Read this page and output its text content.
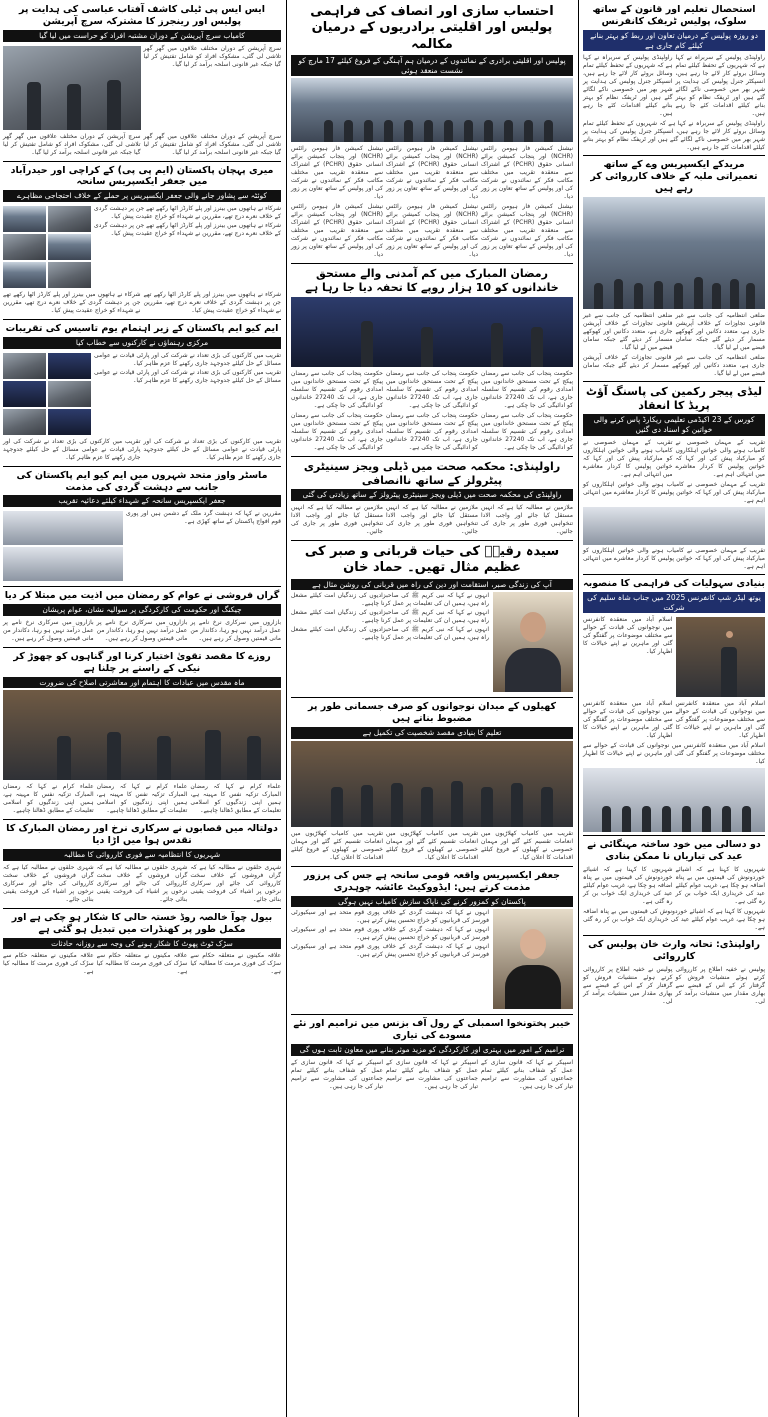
استحصال تعلیم اور قانون کے ساتھ سلوک، پولیس ٹریفک کانفرنس
دو روزہ پولیس کے درمیان تعاون اور ربط کو بہتر بنانے کیلئے کام جاری ہے
راولپنڈی پولیس کے سربراہ نے کہا ہے کہ شہریوں کے تحفظ کیلئے تمام وسائل بروئے کار لائے جا رہے ہیں، انسپکٹر جنرل پولیس کی ہدایت پر شہر بھر میں خصوصی ناکے لگائے گئے ہیں اور ٹریفک نظام کو بہتر بنانے کیلئے اقدامات کئے جا رہے ہیں۔
راولپنڈی پولیس کے سربراہ نے کہا ہے کہ شہریوں کے تحفظ کیلئے تمام وسائل بروئے کار لائے جا رہے ہیں، انسپکٹر جنرل پولیس کی ہدایت پر شہر بھر میں خصوصی ناکے لگائے گئے ہیں اور ٹریفک نظام کو بہتر بنانے کیلئے اقدامات کئے جا رہے ہیں۔
راولپنڈی پولیس کے سربراہ نے کہا ہے کہ شہریوں کے تحفظ کیلئے تمام وسائل بروئے کار لائے جا رہے ہیں، انسپکٹر جنرل پولیس کی ہدایت پر شہر بھر میں خصوصی ناکے لگائے گئے ہیں اور ٹریفک نظام کو بہتر بنانے کیلئے اقدامات کئے جا رہے ہیں۔
مریدکے ایکسپریس وے کے ساتھ تعمیراتی ملبہ کے خلاف کارروائی کر رہے ہیں
ضلعی انتظامیہ کی جانب سے غیر قانونی تجاوزات کے خلاف آپریشن جاری ہے، متعدد دکانیں اور کھوکھے مسمار کر دیئے گئے جبکہ سامان قبضے میں لے لیا گیا۔
ضلعی انتظامیہ کی جانب سے غیر قانونی تجاوزات کے خلاف آپریشن جاری ہے، متعدد دکانیں اور کھوکھے مسمار کر دیئے گئے جبکہ سامان قبضے میں لے لیا گیا۔
ضلعی انتظامیہ کی جانب سے غیر قانونی تجاوزات کے خلاف آپریشن جاری ہے، متعدد دکانیں اور کھوکھے مسمار کر دیئے گئے جبکہ سامان قبضے میں لے لیا گیا۔
لیڈی پیجر رکمین کی پاسنگ آؤٹ پریڈ کا انعقاد
کورس کے 23 اکیڈمی تعلیمی ریکارڈ پاس کرنے والی خواتین کو اسناد دی گئیں
تقریب کے مہمان خصوصی نے کامیاب ہونے والی خواتین اہلکاروں کو مبارکباد پیش کی اور کہا کہ خواتین پولیس کا کردار معاشرے میں انتہائی اہم ہے۔
تقریب کے مہمان خصوصی نے کامیاب ہونے والی خواتین اہلکاروں کو مبارکباد پیش کی اور کہا کہ خواتین پولیس کا کردار معاشرے میں انتہائی اہم ہے۔
تقریب کے مہمان خصوصی نے کامیاب ہونے والی خواتین اہلکاروں کو مبارکباد پیش کی اور کہا کہ خواتین پولیس کا کردار معاشرے میں انتہائی اہم ہے۔
تقریب کے مہمان خصوصی نے کامیاب ہونے والی خواتین اہلکاروں کو مبارکباد پیش کی اور کہا کہ خواتین پولیس کا کردار معاشرے میں انتہائی اہم ہے۔
بنیادی سہولیات کی فراہمی کا منصوبہ
یوتھ لیڈر شپ کانفرنس 2025 میں جناب شاہ سلیم کی شرکت
اسلام آباد میں منعقدہ کانفرنس میں نوجوانوں کی قیادت کے حوالے سے مختلف موضوعات پر گفتگو کی گئی اور ماہرین نے اپنے خیالات کا اظہار کیا۔
اسلام آباد میں منعقدہ کانفرنس میں نوجوانوں کی قیادت کے حوالے سے مختلف موضوعات پر گفتگو کی گئی اور ماہرین نے اپنے خیالات کا اظہار کیا۔
اسلام آباد میں منعقدہ کانفرنس میں نوجوانوں کی قیادت کے حوالے سے مختلف موضوعات پر گفتگو کی گئی اور ماہرین نے اپنے خیالات کا اظہار کیا۔
اسلام آباد میں منعقدہ کانفرنس میں نوجوانوں کی قیادت کے حوالے سے مختلف موضوعات پر گفتگو کی گئی اور ماہرین نے اپنے خیالات کا اظہار کیا۔
دو دسالی میں خود ساختہ مہنگائی نے عید کی تیاریاں نا ممکن بنادی
شہریوں کا کہنا ہے کہ اشیائے خوردونوش کی قیمتوں میں بے پناہ اضافہ ہو چکا ہے، غریب عوام کیلئے عید کی خریداری ایک خواب بن کر رہ گئی ہے۔
شہریوں کا کہنا ہے کہ اشیائے خوردونوش کی قیمتوں میں بے پناہ اضافہ ہو چکا ہے، غریب عوام کیلئے عید کی خریداری ایک خواب بن کر رہ گئی ہے۔
شہریوں کا کہنا ہے کہ اشیائے خوردونوش کی قیمتوں میں بے پناہ اضافہ ہو چکا ہے، غریب عوام کیلئے عید کی خریداری ایک خواب بن کر رہ گئی ہے۔
راولپنڈی: تحانہ وارث خان پولیس کی کارروائی
پولیس نے خفیہ اطلاع پر کارروائی کرتے ہوئے منشیات فروش کو گرفتار کر کے اس کے قبضے سے بھاری مقدار میں منشیات برآمد کر لی۔
پولیس نے خفیہ اطلاع پر کارروائی کرتے ہوئے منشیات فروش کو گرفتار کر کے اس کے قبضے سے بھاری مقدار میں منشیات برآمد کر لی۔
احتساب سازی اور انصاف کی فراہمی پولیس اور اقلیتی برادریوں کے درمیان مکالمہ
پولیس اور اقلیتی برادری کے نمائندوں کے درمیان ہم آہنگی کے فروغ کیلئے 17 مارچ کو نشست منعقد ہوئی
نیشنل کمیشن فار ہیومن رائٹس (NCHR) اور پنجاب کمیشن برائے انسانی حقوق (PCHR) کے اشتراک سے منعقدہ تقریب میں مختلف مکاتب فکر کے نمائندوں نے شرکت کی اور پولیس کے ساتھ تعاون پر زور دیا۔
نیشنل کمیشن فار ہیومن رائٹس (NCHR) اور پنجاب کمیشن برائے انسانی حقوق (PCHR) کے اشتراک سے منعقدہ تقریب میں مختلف مکاتب فکر کے نمائندوں نے شرکت کی اور پولیس کے ساتھ تعاون پر زور دیا۔
نیشنل کمیشن فار ہیومن رائٹس (NCHR) اور پنجاب کمیشن برائے انسانی حقوق (PCHR) کے اشتراک سے منعقدہ تقریب میں مختلف مکاتب فکر کے نمائندوں نے شرکت کی اور پولیس کے ساتھ تعاون پر زور دیا۔
نیشنل کمیشن فار ہیومن رائٹس (NCHR) اور پنجاب کمیشن برائے انسانی حقوق (PCHR) کے اشتراک سے منعقدہ تقریب میں مختلف مکاتب فکر کے نمائندوں نے شرکت کی اور پولیس کے ساتھ تعاون پر زور دیا۔
نیشنل کمیشن فار ہیومن رائٹس (NCHR) اور پنجاب کمیشن برائے انسانی حقوق (PCHR) کے اشتراک سے منعقدہ تقریب میں مختلف مکاتب فکر کے نمائندوں نے شرکت کی اور پولیس کے ساتھ تعاون پر زور دیا۔
نیشنل کمیشن فار ہیومن رائٹس (NCHR) اور پنجاب کمیشن برائے انسانی حقوق (PCHR) کے اشتراک سے منعقدہ تقریب میں مختلف مکاتب فکر کے نمائندوں نے شرکت کی اور پولیس کے ساتھ تعاون پر زور دیا۔
رمضان المبارک میں کم آمدنی والے مستحق خاندانوں کو 10 ہزار روپے کا تحفہ دیا جا رہا ہے
حکومت پنجاب کی جانب سے رمضان پیکج کے تحت مستحق خاندانوں میں امدادی رقوم کی تقسیم کا سلسلہ جاری ہے، اب تک 27240 خاندانوں کو ادائیگی کی جا چکی ہے۔
حکومت پنجاب کی جانب سے رمضان پیکج کے تحت مستحق خاندانوں میں امدادی رقوم کی تقسیم کا سلسلہ جاری ہے، اب تک 27240 خاندانوں کو ادائیگی کی جا چکی ہے۔
حکومت پنجاب کی جانب سے رمضان پیکج کے تحت مستحق خاندانوں میں امدادی رقوم کی تقسیم کا سلسلہ جاری ہے، اب تک 27240 خاندانوں کو ادائیگی کی جا چکی ہے۔
حکومت پنجاب کی جانب سے رمضان پیکج کے تحت مستحق خاندانوں میں امدادی رقوم کی تقسیم کا سلسلہ جاری ہے، اب تک 27240 خاندانوں کو ادائیگی کی جا چکی ہے۔
حکومت پنجاب کی جانب سے رمضان پیکج کے تحت مستحق خاندانوں میں امدادی رقوم کی تقسیم کا سلسلہ جاری ہے، اب تک 27240 خاندانوں کو ادائیگی کی جا چکی ہے۔
حکومت پنجاب کی جانب سے رمضان پیکج کے تحت مستحق خاندانوں میں امدادی رقوم کی تقسیم کا سلسلہ جاری ہے، اب تک 27240 خاندانوں کو ادائیگی کی جا چکی ہے۔
راولپنڈی: محکمہ صحت میں ڈیلی ویجز سینیٹری پیٹرولز کے ساتھ ناانصافی
راولپنڈی کی محکمہ صحت میں ڈیلی ویجز سینیٹری پیٹرولز کے ساتھ زیادتی کی گئی
ملازمین نے مطالبہ کیا ہے کہ انہیں مستقل کیا جائے اور واجب الادا تنخواہیں فوری طور پر جاری کی جائیں۔
ملازمین نے مطالبہ کیا ہے کہ انہیں مستقل کیا جائے اور واجب الادا تنخواہیں فوری طور پر جاری کی جائیں۔
ملازمین نے مطالبہ کیا ہے کہ انہیں مستقل کیا جائے اور واجب الادا تنخواہیں فوری طور پر جاری کی جائیں۔
سیدہ رقیہؓ کی حیات قربانی و صبر کی عظیم مثال تھیں۔ حماد خان
آپ کی زندگی صبر، استقامت اور دین کی راہ میں قربانی کی روشن مثال ہے
انہوں نے کہا کہ نبی کریم ﷺ کی صاحبزادیوں کی زندگیاں امت کیلئے مشعل راہ ہیں، ہمیں ان کی تعلیمات پر عمل کرنا چاہیے۔
انہوں نے کہا کہ نبی کریم ﷺ کی صاحبزادیوں کی زندگیاں امت کیلئے مشعل راہ ہیں، ہمیں ان کی تعلیمات پر عمل کرنا چاہیے۔
انہوں نے کہا کہ نبی کریم ﷺ کی صاحبزادیوں کی زندگیاں امت کیلئے مشعل راہ ہیں، ہمیں ان کی تعلیمات پر عمل کرنا چاہیے۔
کھیلوں کے میدان نوجوانوں کو صرف جسمانی طور پر مضبوط بناتے ہیں
تعلیم کا بنیادی مقصد شخصیت کی تکمیل ہے
تقریب میں کامیاب کھلاڑیوں میں انعامات تقسیم کئے گئے اور مہمان خصوصی نے کھیلوں کے فروغ کیلئے اقدامات کا اعلان کیا۔
تقریب میں کامیاب کھلاڑیوں میں انعامات تقسیم کئے گئے اور مہمان خصوصی نے کھیلوں کے فروغ کیلئے اقدامات کا اعلان کیا۔
تقریب میں کامیاب کھلاڑیوں میں انعامات تقسیم کئے گئے اور مہمان خصوصی نے کھیلوں کے فروغ کیلئے اقدامات کا اعلان کیا۔
جعفر ایکسپریس واقعہ قومی سانحہ ہے جس کی پرزور مذمت کرتے ہیں: ایڈووکیٹ عائشہ چوہدری
پاکستان کو کمزور کرنے کی ناپاک سازش کامیاب نہیں ہوگی
انہوں نے کہا کہ دہشت گردی کے خلاف پوری قوم متحد ہے اور سیکیورٹی فورسز کی قربانیوں کو خراج تحسین پیش کرتے ہیں۔
انہوں نے کہا کہ دہشت گردی کے خلاف پوری قوم متحد ہے اور سیکیورٹی فورسز کی قربانیوں کو خراج تحسین پیش کرتے ہیں۔
انہوں نے کہا کہ دہشت گردی کے خلاف پوری قوم متحد ہے اور سیکیورٹی فورسز کی قربانیوں کو خراج تحسین پیش کرتے ہیں۔
خیبر پختونخوا اسمبلی کے رول آف بزنس میں ترامیم اور نئے مسودے کی تیاری
ترامیم کے امور میں بہتری اور کارکردگی کو مزید موثر بنانے میں معاون ثابت ہوں گی
اسپیکر نے کہا کہ قانون سازی کے عمل کو شفاف بنانے کیلئے تمام جماعتوں کی مشاورت سے ترامیم تیار کی جا رہی ہیں۔
اسپیکر نے کہا کہ قانون سازی کے عمل کو شفاف بنانے کیلئے تمام جماعتوں کی مشاورت سے ترامیم تیار کی جا رہی ہیں۔
اسپیکر نے کہا کہ قانون سازی کے عمل کو شفاف بنانے کیلئے تمام جماعتوں کی مشاورت سے ترامیم تیار کی جا رہی ہیں۔
ایس ایس پی ٹیلی کاشف آفتاب عباسی کی ہدایت پر پولیس اور رینجرز کا مشترکہ سرچ آپریشن
کامیاب سرچ آپریشن کے دوران مشتبہ افراد کو حراست میں لیا گیا
سرچ آپریشن کے دوران مختلف علاقوں میں گھر گھر تلاشی لی گئی، مشکوک افراد کو شامل تفتیش کر لیا گیا جبکہ غیر قانونی اسلحہ برآمد کر لیا گیا۔
سرچ آپریشن کے دوران مختلف علاقوں میں گھر گھر تلاشی لی گئی، مشکوک افراد کو شامل تفتیش کر لیا گیا جبکہ غیر قانونی اسلحہ برآمد کر لیا گیا۔
سرچ آپریشن کے دوران مختلف علاقوں میں گھر گھر تلاشی لی گئی، مشکوک افراد کو شامل تفتیش کر لیا گیا جبکہ غیر قانونی اسلحہ برآمد کر لیا گیا۔
میری پہچان پاکستان (ایم پی پی) کے کراچی اور حیدرآباد میں جعفر ایکسپریس سانحہ
کوئٹہ سے پشاور جانے والی جعفر ایکسپریس پر حملے کے خلاف احتجاجی مظاہرے
شرکاء نے ہاتھوں میں بینرز اور پلے کارڈز اٹھا رکھے تھے جن پر دہشت گردی کے خلاف نعرے درج تھے، مقررین نے شہداء کو خراج عقیدت پیش کیا۔
شرکاء نے ہاتھوں میں بینرز اور پلے کارڈز اٹھا رکھے تھے جن پر دہشت گردی کے خلاف نعرے درج تھے، مقررین نے شہداء کو خراج عقیدت پیش کیا۔
شرکاء نے ہاتھوں میں بینرز اور پلے کارڈز اٹھا رکھے تھے جن پر دہشت گردی کے خلاف نعرے درج تھے، مقررین نے شہداء کو خراج عقیدت پیش کیا۔
شرکاء نے ہاتھوں میں بینرز اور پلے کارڈز اٹھا رکھے تھے جن پر دہشت گردی کے خلاف نعرے درج تھے، مقررین نے شہداء کو خراج عقیدت پیش کیا۔
ایم کیو ایم پاکستان کے زیر اہتمام یوم تاسیس کی تقریبات
مرکزی رہنماؤں نے کارکنوں سے خطاب کیا
تقریب میں کارکنوں کی بڑی تعداد نے شرکت کی اور پارٹی قیادت نے عوامی مسائل کے حل کیلئے جدوجہد جاری رکھنے کا عزم ظاہر کیا۔
تقریب میں کارکنوں کی بڑی تعداد نے شرکت کی اور پارٹی قیادت نے عوامی مسائل کے حل کیلئے جدوجہد جاری رکھنے کا عزم ظاہر کیا۔
تقریب میں کارکنوں کی بڑی تعداد نے شرکت کی اور پارٹی قیادت نے عوامی مسائل کے حل کیلئے جدوجہد جاری رکھنے کا عزم ظاہر کیا۔
تقریب میں کارکنوں کی بڑی تعداد نے شرکت کی اور پارٹی قیادت نے عوامی مسائل کے حل کیلئے جدوجہد جاری رکھنے کا عزم ظاہر کیا۔
ماسٹر واوز متحد شہروں میں ایم کیو ایم پاکستان کی جانب سے دہشت گردی کی مذمت
جعفر ایکسپریس سانحہ کے شہداء کیلئے دعائیہ تقریب
مقررین نے کہا کہ دہشت گرد ملک کے دشمن ہیں اور پوری قوم افواج پاکستان کے ساتھ کھڑی ہے۔
گراں فروشی نے عوام کو رمضان میں اذیت میں مبتلا کر دیا
چیکنگ اور حکومت کی کارکردگی پر سوالیہ نشان، عوام پریشان
بازاروں میں سرکاری نرخ نامے پر عمل درآمد نہیں ہو رہا، دکاندار من مانی قیمتیں وصول کر رہے ہیں۔
بازاروں میں سرکاری نرخ نامے پر عمل درآمد نہیں ہو رہا، دکاندار من مانی قیمتیں وصول کر رہے ہیں۔
بازاروں میں سرکاری نرخ نامے پر عمل درآمد نہیں ہو رہا، دکاندار من مانی قیمتیں وصول کر رہے ہیں۔
روزے کا مقصد تقویٰ اختیار کرنا اور گناہوں کو چھوڑ کر نیکی کے راستے پر چلنا ہے
ماہ مقدس میں عبادات کا اہتمام اور معاشرتی اصلاح کی ضرورت
علماء کرام نے کہا کہ رمضان المبارک تزکیہ نفس کا مہینہ ہے، ہمیں اپنی زندگیوں کو اسلامی تعلیمات کے مطابق ڈھالنا چاہیے۔
علماء کرام نے کہا کہ رمضان المبارک تزکیہ نفس کا مہینہ ہے، ہمیں اپنی زندگیوں کو اسلامی تعلیمات کے مطابق ڈھالنا چاہیے۔
علماء کرام نے کہا کہ رمضان المبارک تزکیہ نفس کا مہینہ ہے، ہمیں اپنی زندگیوں کو اسلامی تعلیمات کے مطابق ڈھالنا چاہیے۔
دولتالہ میں قصابوں نے سرکاری نرخ اور رمضان المبارک کا تقدس ہوا میں اڑا دیا
شہریوں کا انتظامیہ سے فوری کارروائی کا مطالبہ
شہری حلقوں نے مطالبہ کیا ہے کہ گراں فروشوں کے خلاف سخت کارروائی کی جائے اور سرکاری نرخوں پر اشیاء کی فروخت یقینی بنائی جائے۔
شہری حلقوں نے مطالبہ کیا ہے کہ گراں فروشوں کے خلاف سخت کارروائی کی جائے اور سرکاری نرخوں پر اشیاء کی فروخت یقینی بنائی جائے۔
شہری حلقوں نے مطالبہ کیا ہے کہ گراں فروشوں کے خلاف سخت کارروائی کی جائے اور سرکاری نرخوں پر اشیاء کی فروخت یقینی بنائی جائے۔
بیول چوآ خالصہ روڈ خستہ حالی کا شکار ہو چکی ہے اور مکمل طور پر کھنڈرات میں تبدیل ہو گئی ہے
سڑک ٹوٹ پھوٹ کا شکار ہونے کی وجہ سے روزانہ حادثات
علاقہ مکینوں نے متعلقہ حکام سے سڑک کی فوری مرمت کا مطالبہ کیا ہے۔
علاقہ مکینوں نے متعلقہ حکام سے سڑک کی فوری مرمت کا مطالبہ کیا ہے۔
علاقہ مکینوں نے متعلقہ حکام سے سڑک کی فوری مرمت کا مطالبہ کیا ہے۔
